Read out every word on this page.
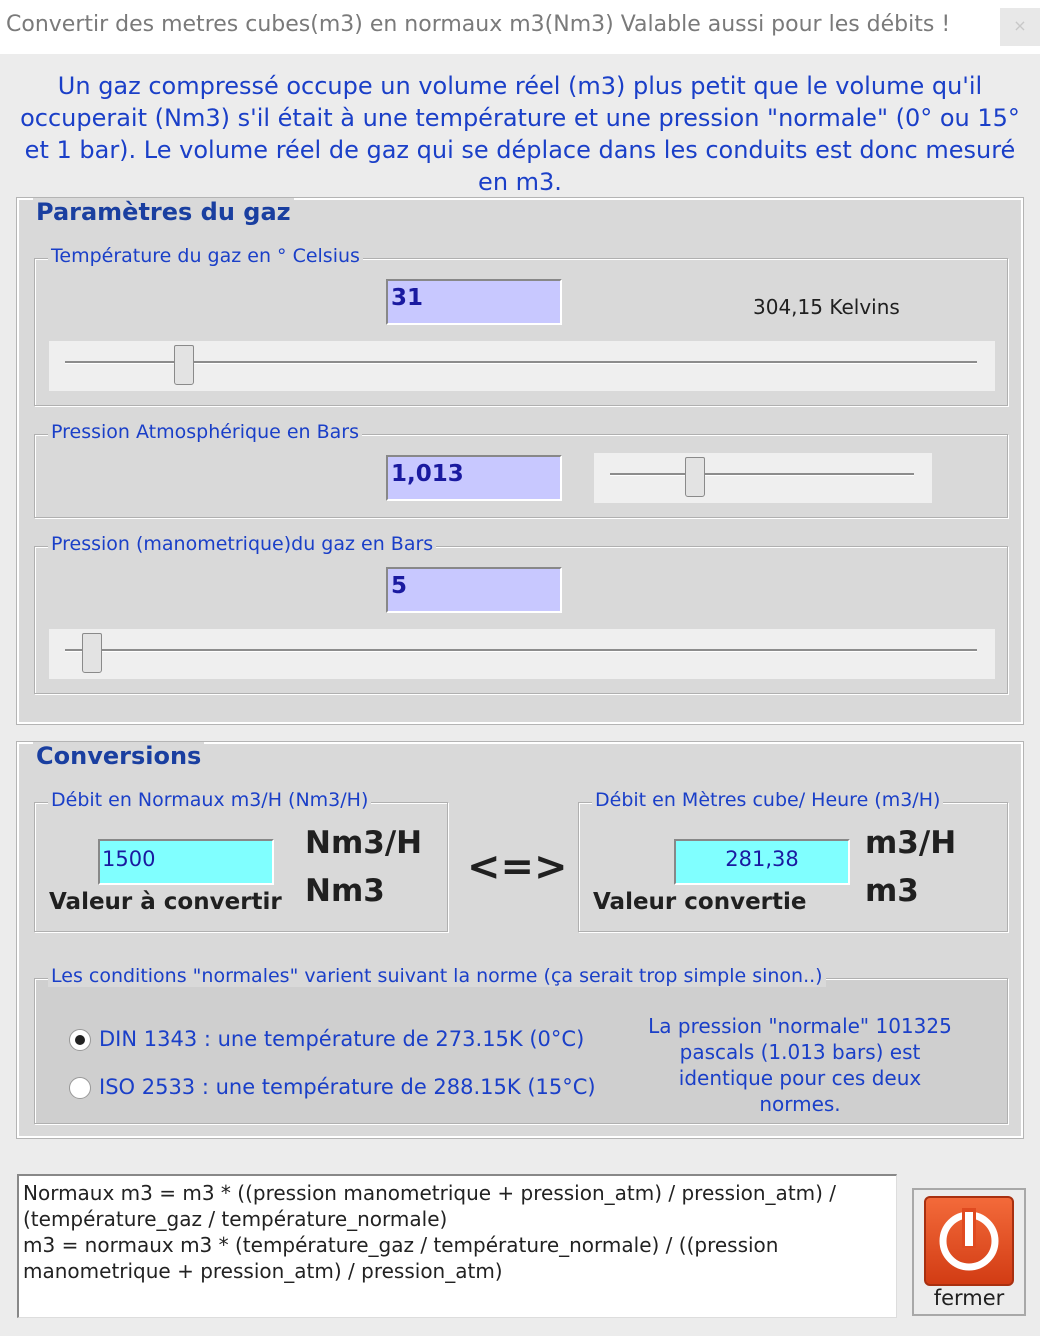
Convertir des metres cubes(m3) en normaux m3(Nm3) Valable aussi pour les débits !	×
Un gaz compressé occupe un volume réel (m3) plus petit que le volume qu'il occuperait (Nm3) s'il était à une température et une pression "normale" (0° ou 15° et 1 bar). Le volume réel de gaz qui se déplace dans les conduits est donc mesuré en m3.
Paramètres du gaz
Température du gaz en ° Celsius
31	304,15 Kelvins
Pression Atmosphérique en Bars
1,013
Pression (manometrique)du gaz en Bars
5
Conversions
Débit en Normaux m3/H (Nm3/H)
1500
Valeur à convertir
Nm3/H
Nm3
<=>
Débit en Mètres cube/ Heure (m3/H)
281,38
Valeur convertie
m3/H
m3
Les conditions "normales" varient suivant la norme (ça serait trop simple sinon..)
DIN 1343 : une température de 273.15K (0°C)
ISO 2533 : une température de 288.15K (15°C)
La pression "normale" 101325 pascals (1.013 bars) est identique pour ces deux normes.
Normaux m3 = m3 * ((pression manometrique + pression_atm) / pression_atm) / (température_gaz / température_normale)
m3 = normaux m3 * (température_gaz / température_normale) / ((pression manometrique + pression_atm) / pression_atm)
fermer
